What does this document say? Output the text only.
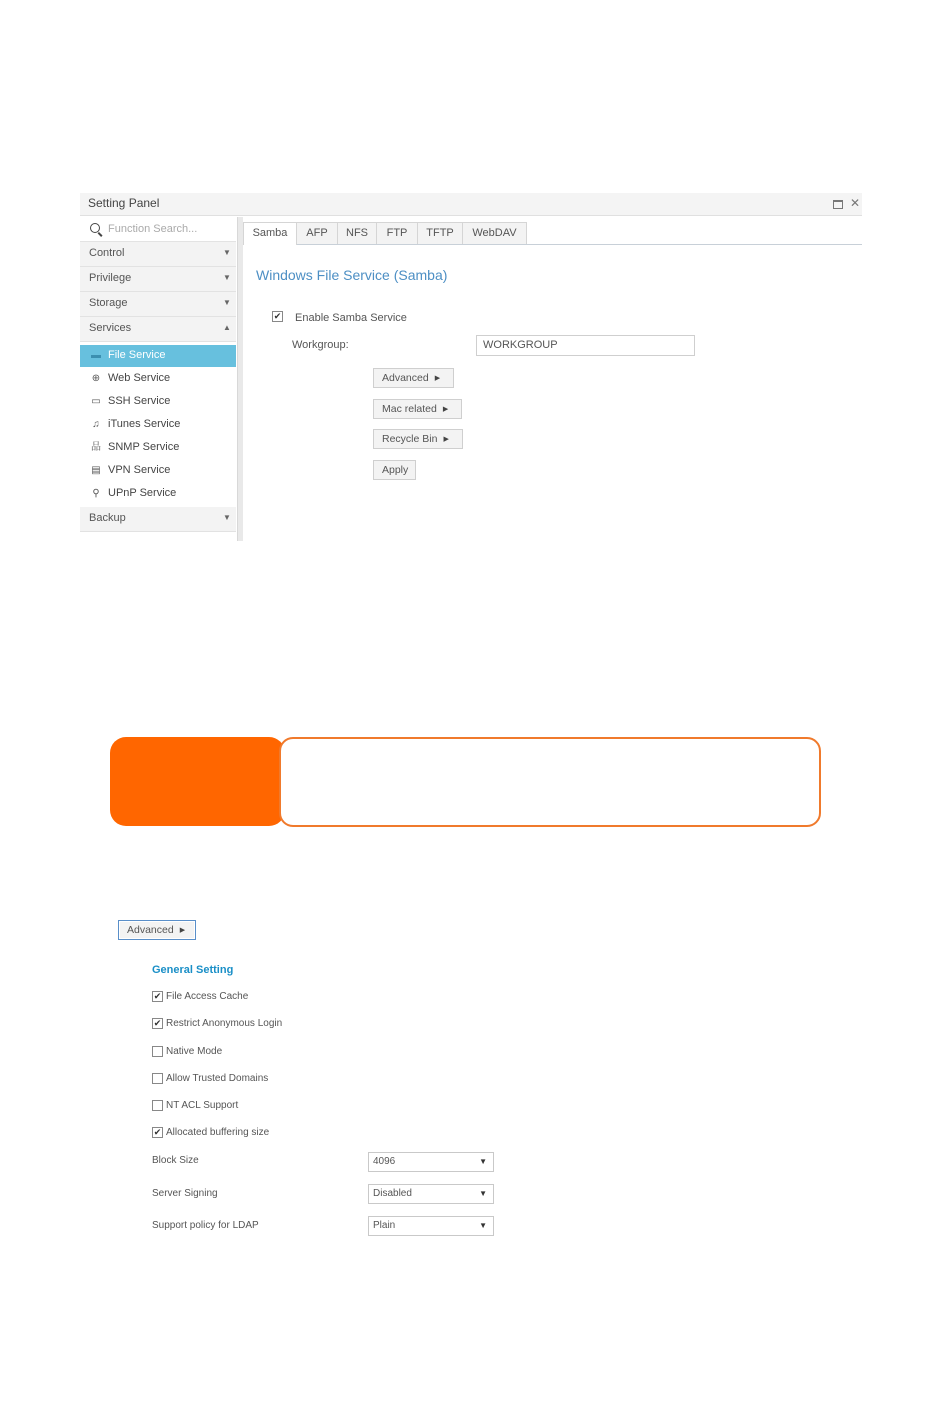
Setting Panel	✕
Function Search...
Control	▼
Privilege	▼
Storage	▼
Services	▲
▬ File Service
⊕ Web Service
▭ SSH Service
♫ iTunes Service
品 SNMP Service
▤ VPN Service
⚲ UPnP Service
Backup	▼
Samba	AFP	NFS	FTP	TFTP	WebDAV
Windows File Service (Samba)
✔ Enable Samba Service
Workgroup:	WORKGROUP
Advanced ▶
Mac related ▶
Recycle Bin ▶
Apply
Advanced ▶
General Setting
✔ File Access Cache
✔ Restrict Anonymous Login
Native Mode
Allow Trusted Domains
NT ACL Support
✔ Allocated buffering size
Block Size	4096	▼
Server Signing	Disabled	▼
Support policy for LDAP	Plain	▼
